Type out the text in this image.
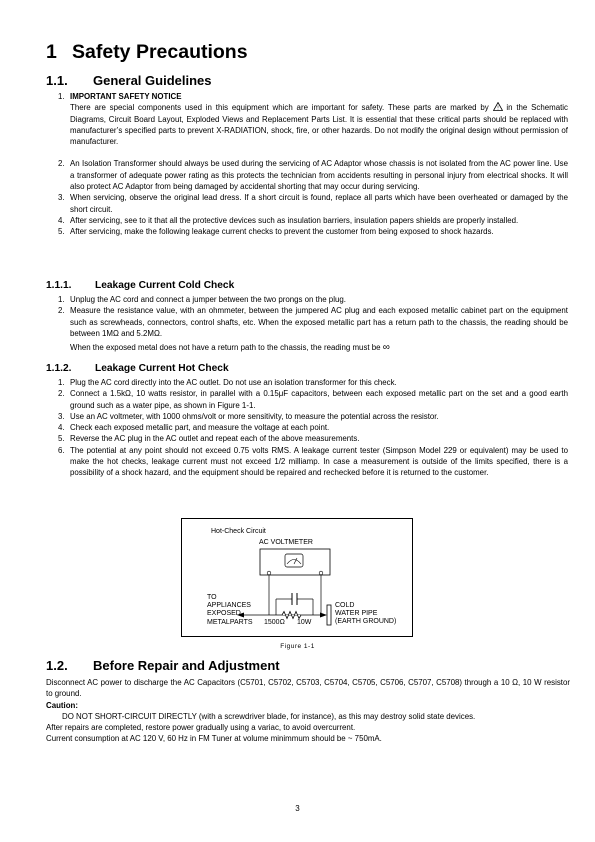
1 Safety Precautions
1.1. General Guidelines
1. IMPORTANT SAFETY NOTICE
There are special components used in this equipment which are important for safety. These parts are marked by ! in the Schematic Diagrams, Circuit Board Layout, Exploded Views and Replacement Parts List. It is essential that these critical parts should be replaced with manufacturer’s specified parts to prevent X-RADIATION, shock, fire, or other hazards. Do not modify the original design without permission of manufacturer.
2. An Isolation Transformer should always be used during the servicing of AC Adaptor whose chassis is not isolated from the AC power line. Use a transformer of adequate power rating as this protects the technician from accidents resulting in personal injury from electrical shocks. It will also protect AC Adaptor from being damaged by accidental shorting that may occur during servicing.
3. When servicing, observe the original lead dress. If a short circuit is found, replace all parts which have been overheated or damaged by the short circuit.
4. After servicing, see to it that all the protective devices such as insulation barriers, insulation papers shields are properly installed.
5. After servicing, make the following leakage current checks to prevent the customer from being exposed to shock hazards.
1.1.1. Leakage Current Cold Check
1. Unplug the AC cord and connect a jumper between the two prongs on the plug.
2. Measure the resistance value, with an ohmmeter, between the jumpered AC plug and each exposed metallic cabinet part on the equipment such as screwheads, connectors, control shafts, etc. When the exposed metallic part has a return path to the chassis, the reading should be between 1MΩ and 5.2MΩ.
When the exposed metal does not have a return path to the chassis, the reading must be ∞
1.1.2. Leakage Current Hot Check
1. Plug the AC cord directly into the AC outlet. Do not use an isolation transformer for this check.
2. Connect a 1.5kΩ, 10 watts resistor, in parallel with a 0.15μF capacitors, between each exposed metallic part on the set and a good earth ground such as a water pipe, as shown in Figure 1-1.
3. Use an AC voltmeter, with 1000 ohms/volt or more sensitivity, to measure the potential across the resistor.
4. Check each exposed metallic part, and measure the voltage at each point.
5. Reverse the AC plug in the AC outlet and repeat each of the above measurements.
6. The potential at any point should not exceed 0.75 volts RMS. A leakage current tester (Simpson Model 229 or equivalent) may be used to make the hot checks, leakage current must not exceed 1/2 milliamp. In case a measurement is outside of the limits specified, there is a possibility of a shock hazard, and the equipment should be repaired and rechecked before it is returned to the customer.
Hot-Check Circuit
AC VOLTMETER
TO
APPLIANCES
EXPOSED
METALPARTS 1500Ω 10W
COLD
WATER PIPE
(EARTH GROUND)
Figure 1-1
1.2. Before Repair and Adjustment
Disconnect AC power to discharge the AC Capacitors (C5701, C5702, C5703, C5704, C5705, C5706, C5707, C5708) through a 10 Ω, 10 W resistor to ground.
Caution:
DO NOT SHORT-CIRCUIT DIRECTLY (with a screwdriver blade, for instance), as this may destroy solid state devices.
After repairs are completed, restore power gradually using a variac, to avoid overcurrent.
Current consumption at AC 120 V, 60 Hz in FM Tuner at volume minimmum should be ~ 750mA.
3
